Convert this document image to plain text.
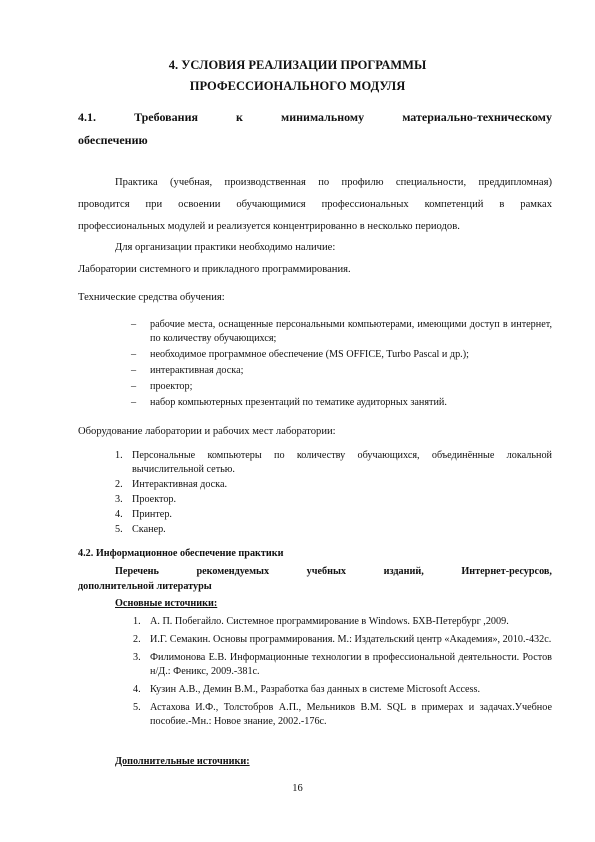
4. УСЛОВИЯ РЕАЛИЗАЦИИ ПРОГРАММЫ
ПРОФЕССИОНАЛЬНОГО МОДУЛЯ
4.1.	Требования	к	минимальному	материально-техническому
обеспечению
Практика (учебная, производственная по профилю специальности, преддипломная)
проводится при освоении обучающимися профессиональных компетенций в рамках
профессиональных модулей и реализуется концентрированно в несколько периодов.
Для организации практики необходимо наличие:
Лаборатории системного и прикладного программирования.
Технические средства обучения:
– рабочие места, оснащенные персональными компьютерами, имеющими доступ в интернет, по количеству обучающихся;
– необходимое программное обеспечение (MS OFFICE, Turbo Pascal и др.);
– интерактивная доска;
– проектор;
– набор компьютерных презентаций по тематике аудиторных занятий.
Оборудование лаборатории и рабочих мест лаборатории:
1. Персональные компьютеры по количеству обучающихся, объединённые локальной вычислительной сетью.
2. Интерактивная доска.
3. Проектор.
4. Принтер.
5. Сканер.
4.2. Информационное обеспечение практики
Перечень	рекомендуемых	учебных	изданий,	Интернет-ресурсов,
дополнительной литературы
Основные источники:
1. А. П. Побегайло. Системное программирование в Windows. БХВ-Петербург ,2009.
2. И.Г. Семакин. Основы программирования. М.: Издательский центр «Академия», 2010.-432с.
3. Филимонова Е.В. Информационные технологии в профессиональной деятельности. Ростов н/Д.: Феникс, 2009.-381с.
4. Кузин А.В., Демин В.М., Разработка баз данных в системе Microsoft Access.
5. Астахова И.Ф., Толстобров А.П., Мельников В.М. SQL в примерах и задачах.Учебное пособие.-Мн.: Новое знание, 2002.-176с.
Дополнительные источники:
16
